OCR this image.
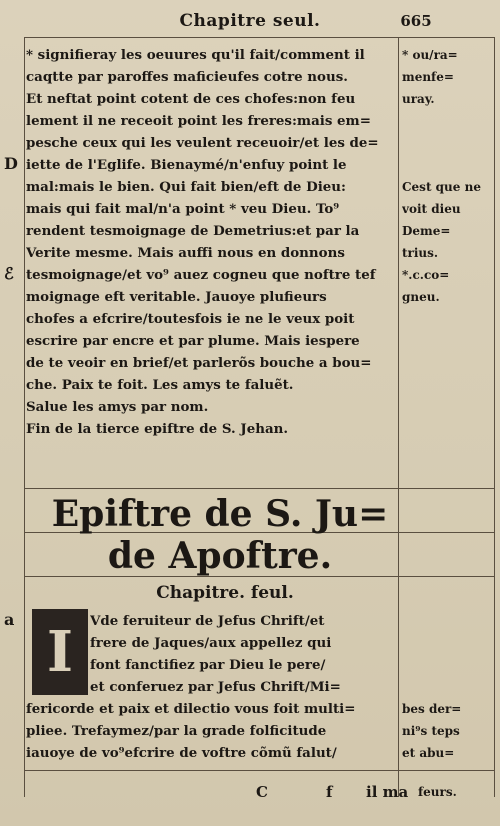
Chapitre seul.	665
* signifieray les oeuures qu'il fait/comment il
caqtte par paroffes maficieufes cotre nous.
Et neftat point cotent de ces chofes:non feu
lement il ne receoit point les freres:mais em=
pesche ceux qui les veulent receuoir/et les de=
iette de l'Eglife. Bienaymé/n'enfuy point le
mal:mais le bien. Qui fait bien/eft de Dieu:
mais qui fait mal/n'a point * veu Dieu. To⁹
rendent tesmoignage de Demetrius:et par la
Verite mesme. Mais auffi nous en donnons
tesmoignage/et vo⁹ auez cogneu que noftre tef
moignage eft veritable. Jauoye plufieurs
chofes a efcrire/toutesfois ie ne le veux poit
escrire par encre et par plume. Mais iespere
de te veoir en brief/et parlerõs bouche a bou=
che. Paix te foit. Les amys te faluẽt.
Salue les amys par nom.
Fin de la tierce epiftre de S. Jehan.
* ou/ra=
menfe=
uray.
Cest que ne
voit dieu
Deme=
trius.
*.c.co=
gneu.
D
ℰ
Epiftre de S. Ju=
de Apoftre.
Chapitre. feul.
a I	Vde feruiteur de Jefus Chrift/et
frere de Jaques/aux appellez qui
font fanctifiez par Dieu le pere/
et conferuez par Jefus Chrift/Mi=
fericorde et paix et dilectio vous foit multi=
pliee. Trefaymez/par la grade folficitude
iauoye de vo⁹efcrire de voftre cõmũ falut/
bes der=
ni⁹s teps
et abu=
C	f il ma feurs.
